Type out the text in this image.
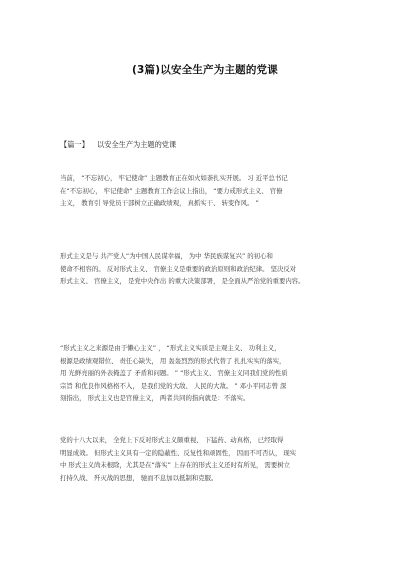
(3篇)以安全生产为主题的党课
【篇一】 以安全生产为主题的党课

当前， “不忘初心， 牢记使命” 主题教育正在如火如荼扎实开展。 习 近平总书记
在“不忘初心， 牢记使命” 主题教育工作会议上指出， “要力戒形式主义、 官僚
主义， 教育引 导党员干部树立正确政绩观， 真抓实干、 转变作风。 ”

形式主义是与 共产党人“为中国人民谋幸福， 为中 华民族谋复兴” 的初心和
使命不相容的。 反对形式主义、 官僚主义是重要的政治原则和政治纪律。 坚决反对
形式主义、 官僚主义， 是党中央作出 的重大决策部署， 是全面从严治党的重要内容。

“形式主义之来源是由于懒心主义” ， “形式主义实质是主观主义、 功利主义，
根源是政绩观错位、 责任心缺失， 用 轰轰烈烈的形式代替了 扎扎实实的落实，
用 光鲜亮丽的外表掩盖了 矛盾和问题。 ” “形式主义、 官僚主义同我们党的性质
宗旨 和优良作风格格不入， 是我们党的大敌、 人民的大敌。 ” 邓小平同志曾 深
刻指出， 形式主义也是官僚主义， 两者共同的指向就是：不落实。

党的十八大以来， 全党上下反对形式主义颇重视、 下猛药、动真格， 已经取得
明显成效。 但形式主义具有一定的隐蔽性、反复性和顽固性， 因而不可否认， 现实
中 形式主义尚未根除，尤其是在“落实” 上存在的形式主义还时有所见， 需要树立
打持久战、 歼灭战的思想， 驰而不息加以抵制和克服。
